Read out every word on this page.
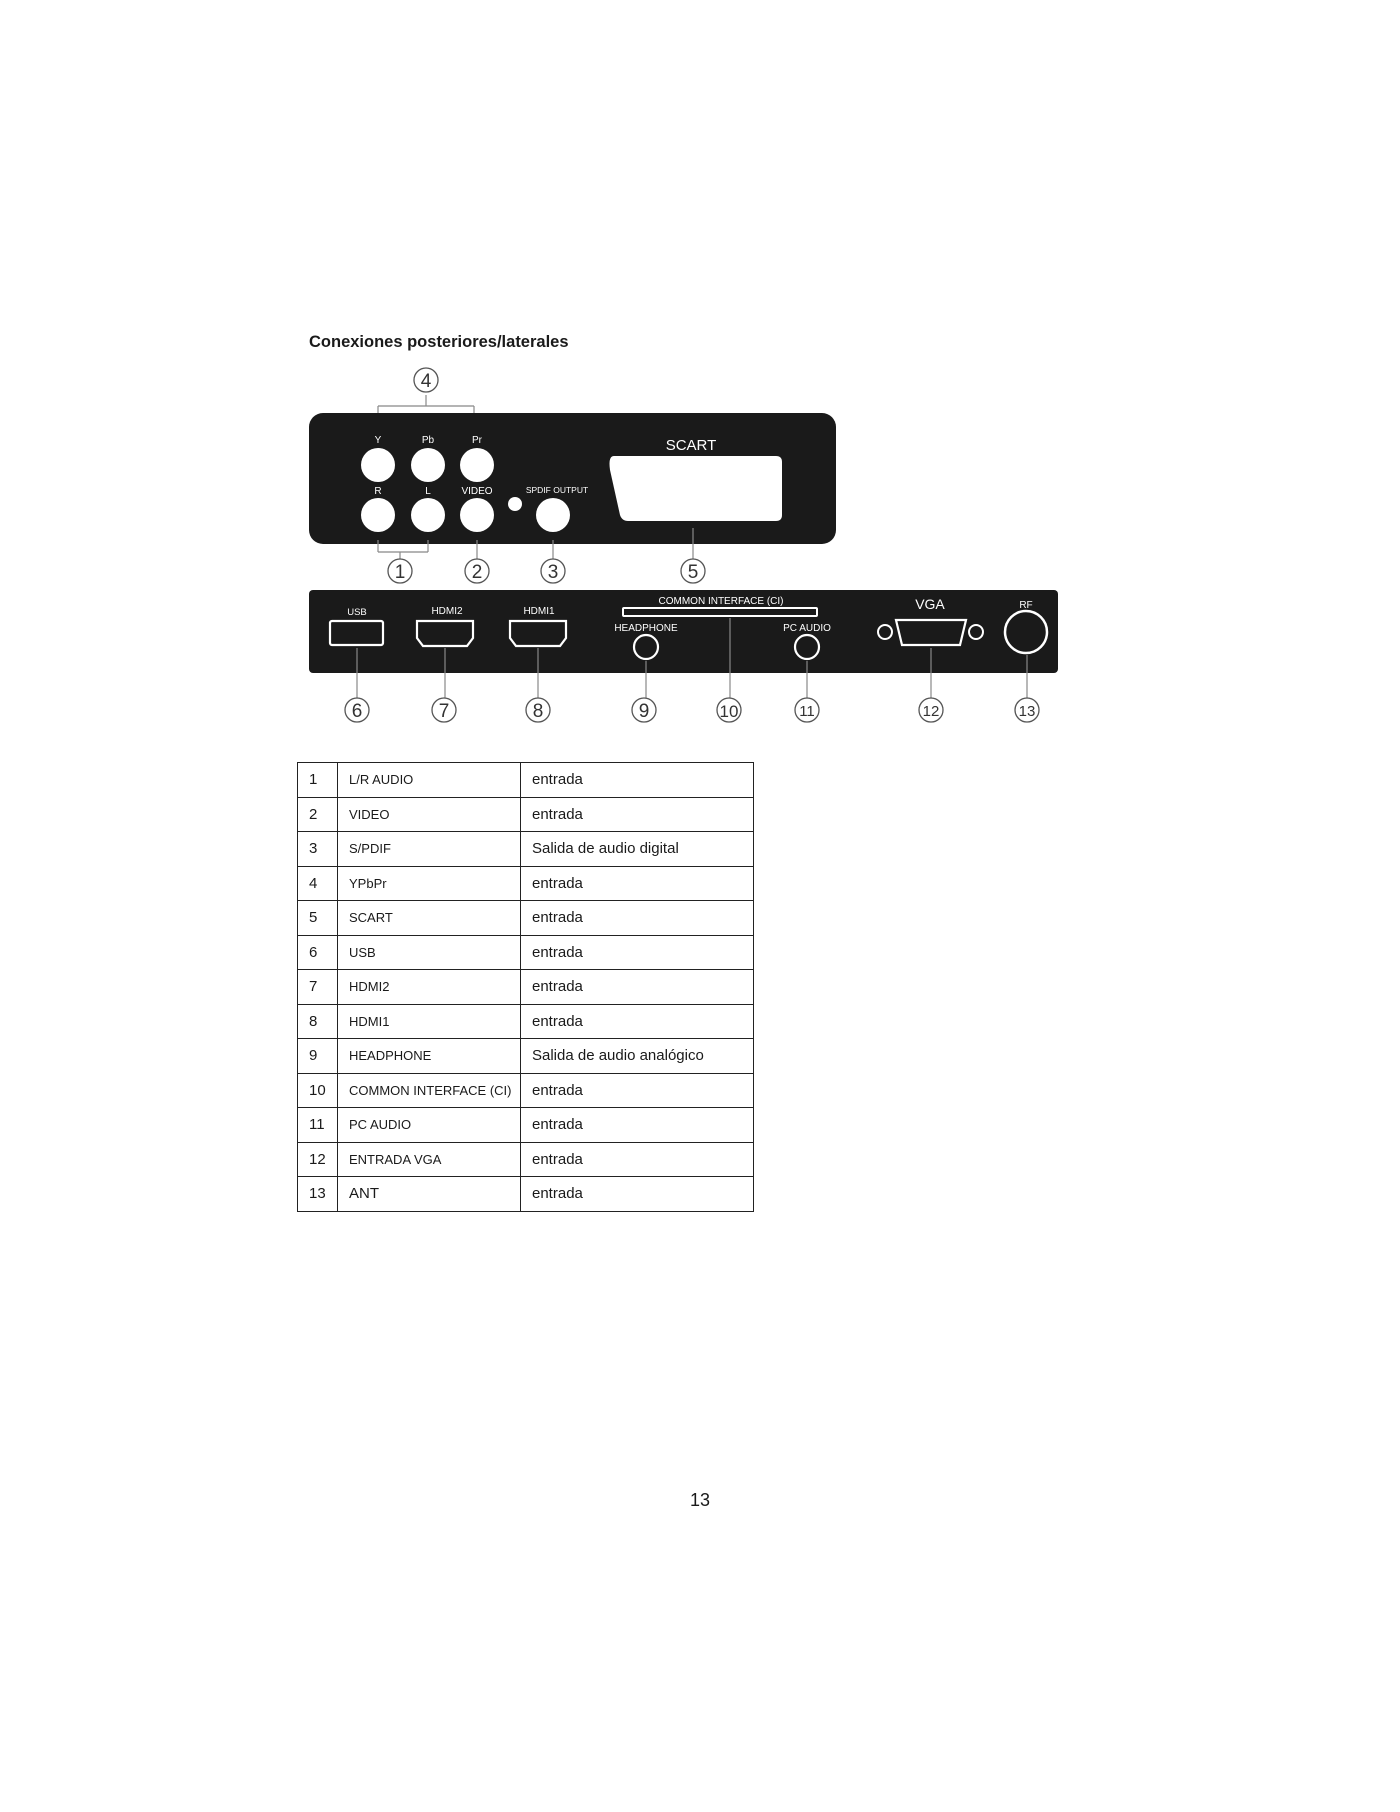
Conexiones posteriores/laterales
4
Y	Pb	Pr
R	L	VIDEO	SPDIF OUTPUT
SCART
1	2	3	5
USB	HDMI2	HDMI1
COMMON INTERFACE (CI)
HEADPHONE	PC AUDIO
VGA	RF
6	7	8	9	10	11	12	13
1	L/R AUDIO	entrada
2	VIDEO	entrada
3	S/PDIF	Salida de audio digital
4	YPbPr	entrada
5	SCART	entrada
6	USB	entrada
7	HDMI2	entrada
8	HDMI1	entrada
9	HEADPHONE	Salida de audio analógico
10	COMMON INTERFACE (CI)	entrada
11	PC AUDIO	entrada
12	ENTRADA VGA	entrada
13	ANT	entrada
13
